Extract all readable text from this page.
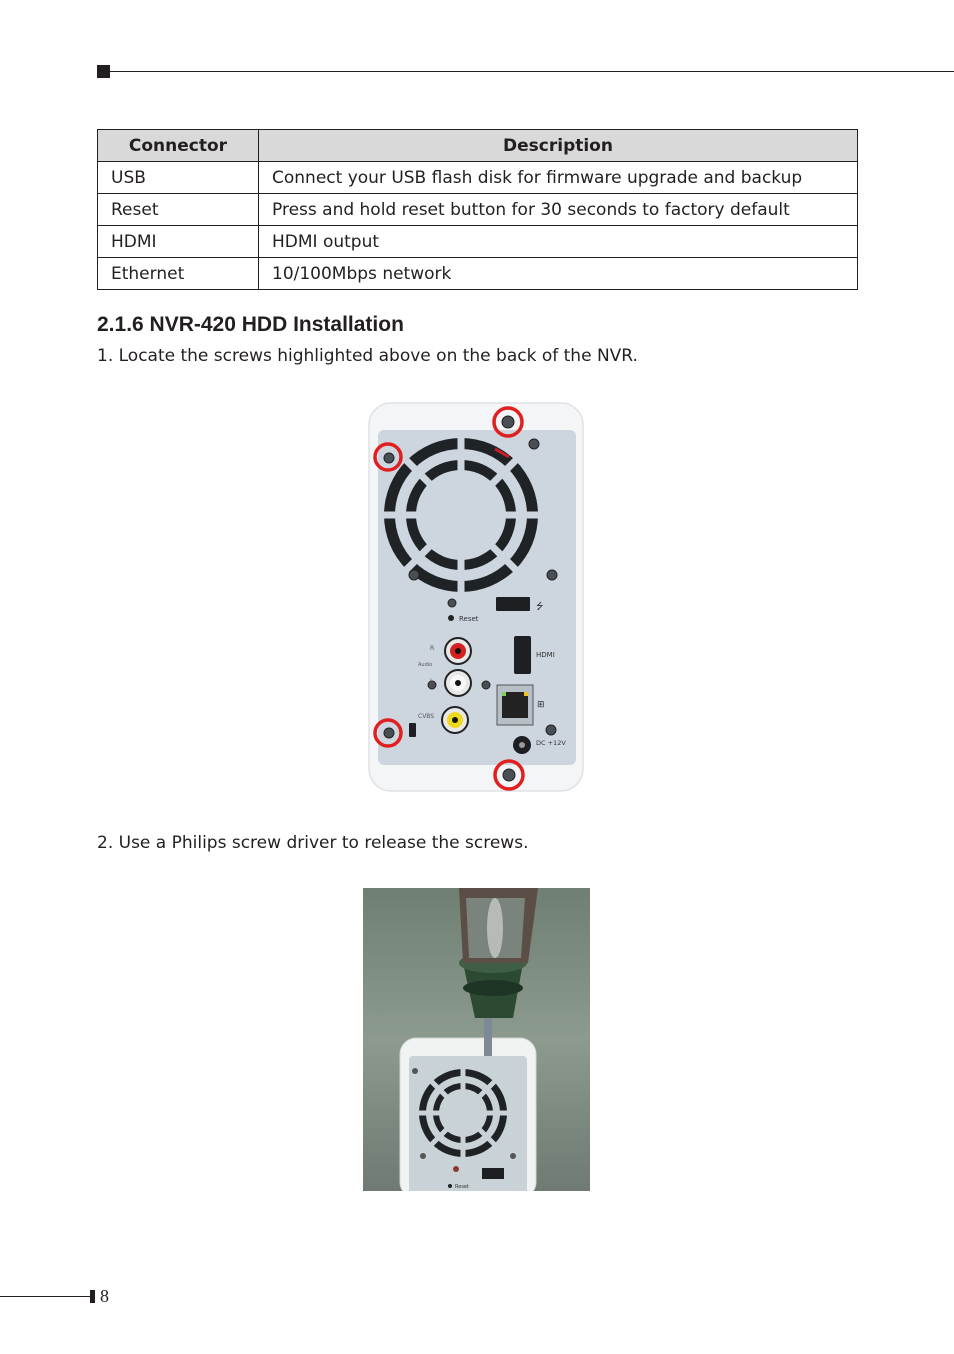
Connector	Description
USB	Connect your USB flash disk for firmware upgrade and backup
Reset	Press and hold reset button for 30 seconds to factory default
HDMI	HDMI output
Ethernet	10/100Mbps network
2.1.6 NVR-420 HDD Installation
1. Locate the screws highlighted above on the back of the NVR.
Reset
⭍
R
Audio
L
CVBS
HDMI
⊞
DC +12V
2. Use a Philips screw driver to release the screws.
Reset
8
